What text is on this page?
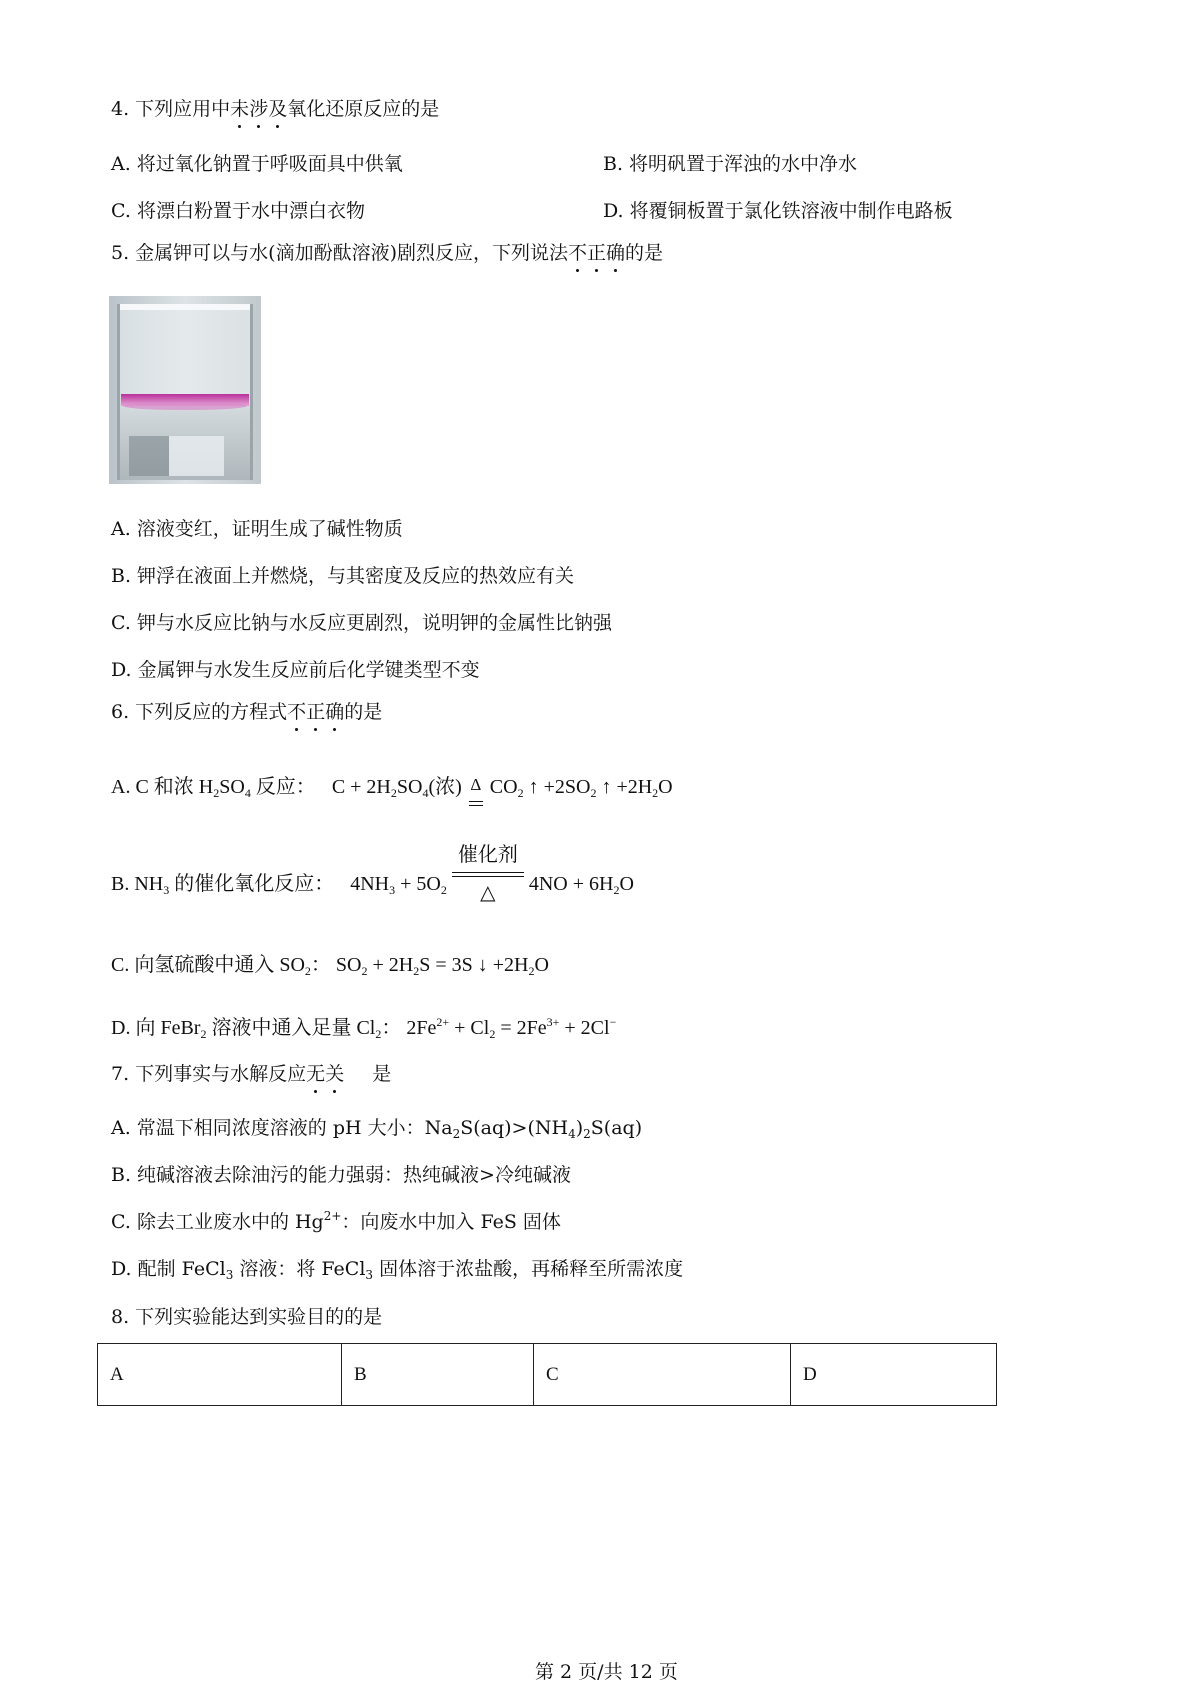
4. 下列应用中未涉及氧化还原反应的是
A. 将过氧化钠置于呼吸面具中供氧	B. 将明矾置于浑浊的水中净水
C. 将漂白粉置于水中漂白衣物	D. 将覆铜板置于氯化铁溶液中制作电路板
5. 金属钾可以与水(滴加酚酞溶液)剧烈反应，下列说法不正确的是
A. 溶液变红，证明生成了碱性物质
B. 钾浮在液面上并燃烧，与其密度及反应的热效应有关
C. 钾与水反应比钠与水反应更剧烈，说明钾的金属性比钠强
D. 金属钾与水发生反应前后化学键类型不变
6. 下列反应的方程式不正确的是
A. C 和浓 $H_2SO_4$ 反应： $C + 2H_2SO_4$(浓) Δ $CO_2$ ↑ $+2SO_2$ ↑ $+2H_2O$
B. $NH_3$ 的催化氧化反应： $4NH_3 + 5O_2$
催化剂
△ $4NO + 6H_2O$
C. 向氢硫酸中通入 $SO_2$： $SO_2 + 2H_2S = 3S$ ↓ $+2H_2O$
D. 向 FeBr$_2$ 溶液中通入足量 $Cl_2$： $2Fe^{2+} + Cl_2 = 2Fe^{3+} + 2Cl^-$
7. 下列事实与水解反应无关 是
A. 常温下相同浓度溶液的 pH 大小：$Na_2S(aq)>(NH_4)_2S(aq)$
B. 纯碱溶液去除油污的能力强弱：热纯碱液>冷纯碱液
C. 除去工业废水中的 $Hg^{2+}$：向废水中加入 FeS 固体
D. 配制 FeCl$_3$ 溶液：将 FeCl$_3$ 固体溶于浓盐酸，再稀释至所需浓度
8. 下列实验能达到实验目的的是
A	B	C	D
第 2 页/共 12 页
